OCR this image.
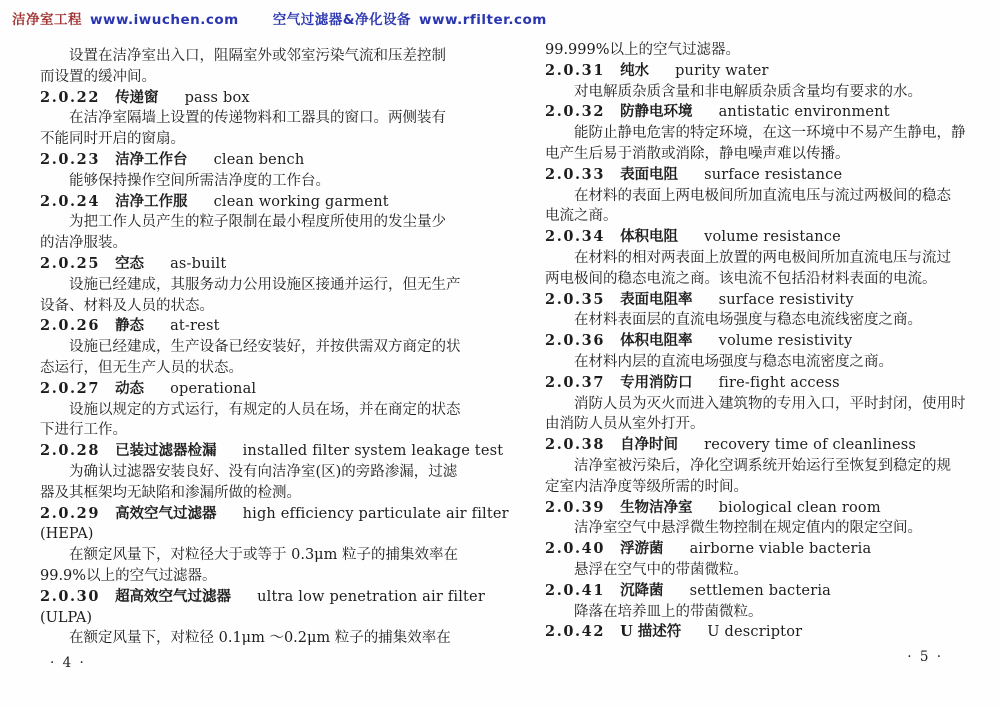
洁净室工程 www.iwuchen.com	空气过滤器&净化设备 www.rfilter.com
设置在洁净室出入口，阻隔室外或邻室污染气流和压差控制
而设置的缓冲间。
2.0.22 传递窗 pass box
在洁净室隔墙上设置的传递物料和工器具的窗口。两侧装有
不能同时开启的窗扇。
2.0.23 洁净工作台 clean bench
能够保持操作空间所需洁净度的工作台。
2.0.24 洁净工作服 clean working garment
为把工作人员产生的粒子限制在最小程度所使用的发尘量少
的洁净服装。
2.0.25 空态 as-built
设施已经建成，其服务动力公用设施区接通并运行，但无生产
设备、材料及人员的状态。
2.0.26 静态 at-rest
设施已经建成，生产设备已经安装好，并按供需双方商定的状
态运行，但无生产人员的状态。
2.0.27 动态 operational
设施以规定的方式运行，有规定的人员在场，并在商定的状态
下进行工作。
2.0.28 已装过滤器检漏 installed filter system leakage test
为确认过滤器安装良好、没有向洁净室(区)的旁路渗漏，过滤
器及其框架均无缺陷和渗漏所做的检测。
2.0.29 高效空气过滤器 high efficiency particulate air filter
(HEPA)
在额定风量下，对粒径大于或等于 0.3μm 粒子的捕集效率在
99.9%以上的空气过滤器。
2.0.30 超高效空气过滤器 ultra low penetration air filter
(ULPA)
在额定风量下，对粒径 0.1μm ～0.2μm 粒子的捕集效率在
· 4 ·
99.999%以上的空气过滤器。
2.0.31 纯水 purity water
对电解质杂质含量和非电解质杂质含量均有要求的水。
2.0.32 防静电环境 antistatic environment
能防止静电危害的特定环境，在这一环境中不易产生静电，静
电产生后易于消散或消除，静电噪声难以传播。
2.0.33 表面电阻 surface resistance
在材料的表面上两电极间所加直流电压与流过两极间的稳态
电流之商。
2.0.34 体积电阻 volume resistance
在材料的相对两表面上放置的两电极间所加直流电压与流过
两电极间的稳态电流之商。该电流不包括沿材料表面的电流。
2.0.35 表面电阻率 surface resistivity
在材料表面层的直流电场强度与稳态电流线密度之商。
2.0.36 体积电阻率 volume resistivity
在材料内层的直流电场强度与稳态电流密度之商。
2.0.37 专用消防口 fire-fight access
消防人员为灭火而进入建筑物的专用入口，平时封闭，使用时
由消防人员从室外打开。
2.0.38 自净时间 recovery time of cleanliness
洁净室被污染后，净化空调系统开始运行至恢复到稳定的规
定室内洁净度等级所需的时间。
2.0.39 生物洁净室 biological clean room
洁净室空气中悬浮微生物控制在规定值内的限定空间。
2.0.40 浮游菌 airborne viable bacteria
悬浮在空气中的带菌微粒。
2.0.41 沉降菌 settlemen bacteria
降落在培养皿上的带菌微粒。
2.0.42 U 描述符 U descriptor
· 5 ·
